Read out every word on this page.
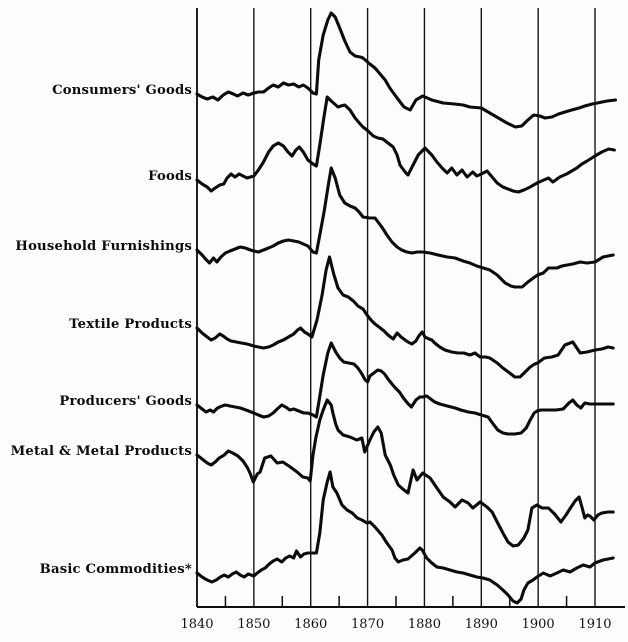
1840 1850 1860 1870 1880 1890 1900 1910
Consumers' Goods
Foods
Household Furnishings
Textile Products
Producers' Goods
Metal & Metal Products
Basic Commodities*
